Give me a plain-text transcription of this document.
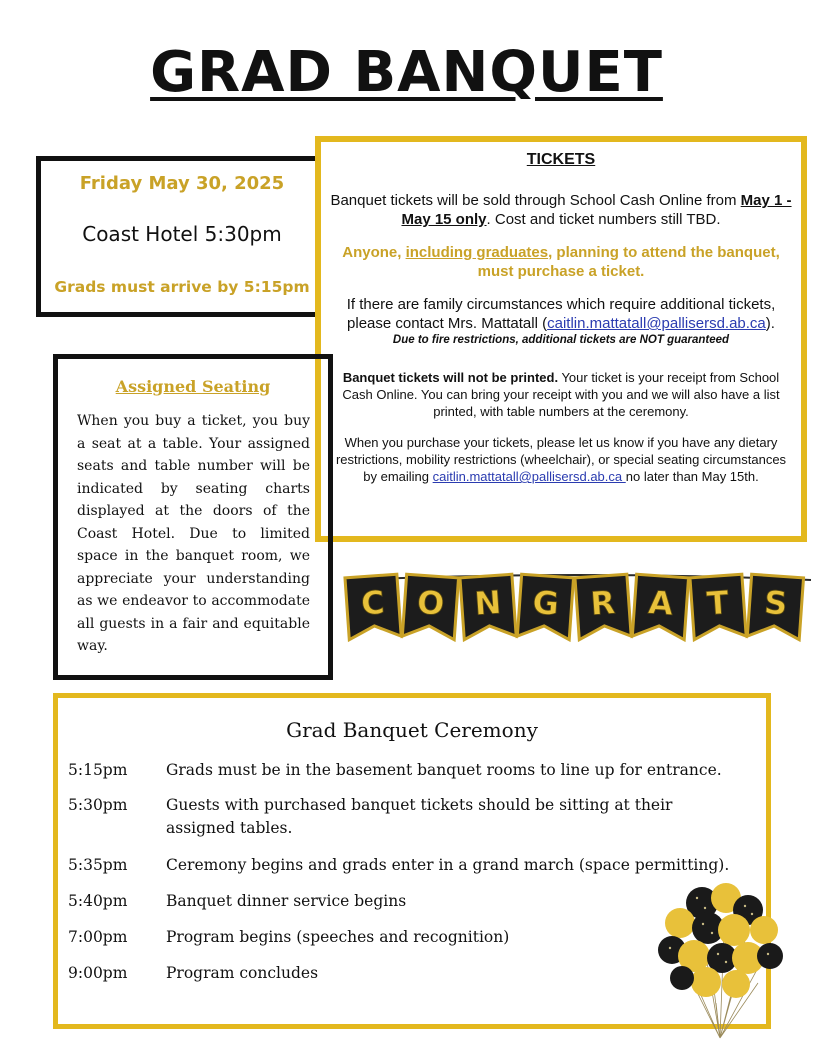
GRAD BANQUET
Friday May 30, 2025
Coast Hotel 5:30pm
Grads must arrive by 5:15pm
TICKETS

Banquet tickets will be sold through School Cash Online from May 1 - May 15 only. Cost and ticket numbers still TBD.

Anyone, including graduates, planning to attend the banquet, must purchase a ticket.

If there are family circumstances which require additional tickets, please contact Mrs. Mattatall (caitlin.mattatall@pallisersd.ab.ca).

Due to fire restrictions, additional tickets are NOT guaranteed

Banquet tickets will not be printed. Your ticket is your receipt from School Cash Online. You can bring your receipt with you and we will also have a list printed, with table numbers at the ceremony.

When you purchase your tickets, please let us know if you have any dietary restrictions, mobility restrictions (wheelchair), or special seating circumstances by emailing caitlin.mattatall@pallisersd.ab.ca no later than May 15th.

Assigned Seating
When you buy a ticket, you buy a seat at a table. Your assigned seats and table number will be indicated by seating charts displayed at the doors of the Coast Hotel. Due to limited space in the banquet room, we appreciate your understanding as we endeavor to accommodate all guests in a fair and equitable way.
C O N G R A T S
Grad Banquet Ceremony
5:15pm	Grads must be in the basement banquet rooms to line up for entrance.
5:30pm	Guests with purchased banquet tickets should be sitting at their assigned tables.
5:35pm	Ceremony begins and grads enter in a grand march (space permitting).
5:40pm	Banquet dinner service begins
7:00pm	Program begins (speeches and recognition)
9:00pm	Program concludes
